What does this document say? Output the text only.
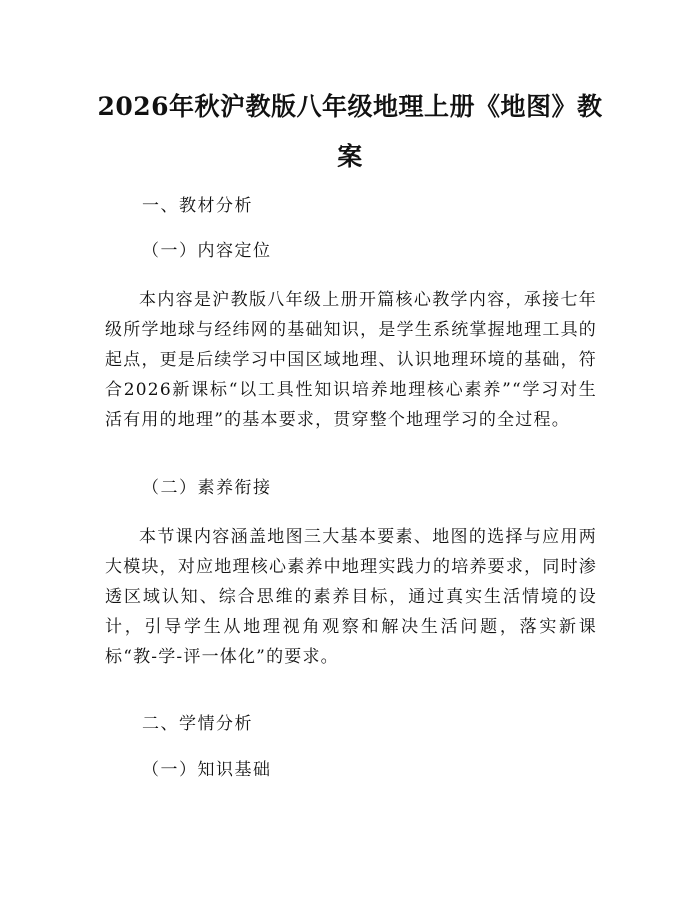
2026年秋沪教版八年级地理上册《地图》教案
一、教材分析
（一）内容定位

本内容是沪教版八年级上册开篇核心教学内容，承接七年级所学地球与经纬网的基础知识，是学生系统掌握地理工具的起点，更是后续学习中国区域地理、认识地理环境的基础，符合2026新课标“以工具性知识培养地理核心素养”“学习对生活有用的地理”的基本要求，贯穿整个地理学习的全过程。

（二）素养衔接

本节课内容涵盖地图三大基本要素、地图的选择与应用两大模块，对应地理核心素养中地理实践力的培养要求，同时渗透区域认知、综合思维的素养目标，通过真实生活情境的设计，引导学生从地理视角观察和解决生活问题，落实新课标“教-学-评一体化”的要求。

二、学情分析
（一）知识基础
